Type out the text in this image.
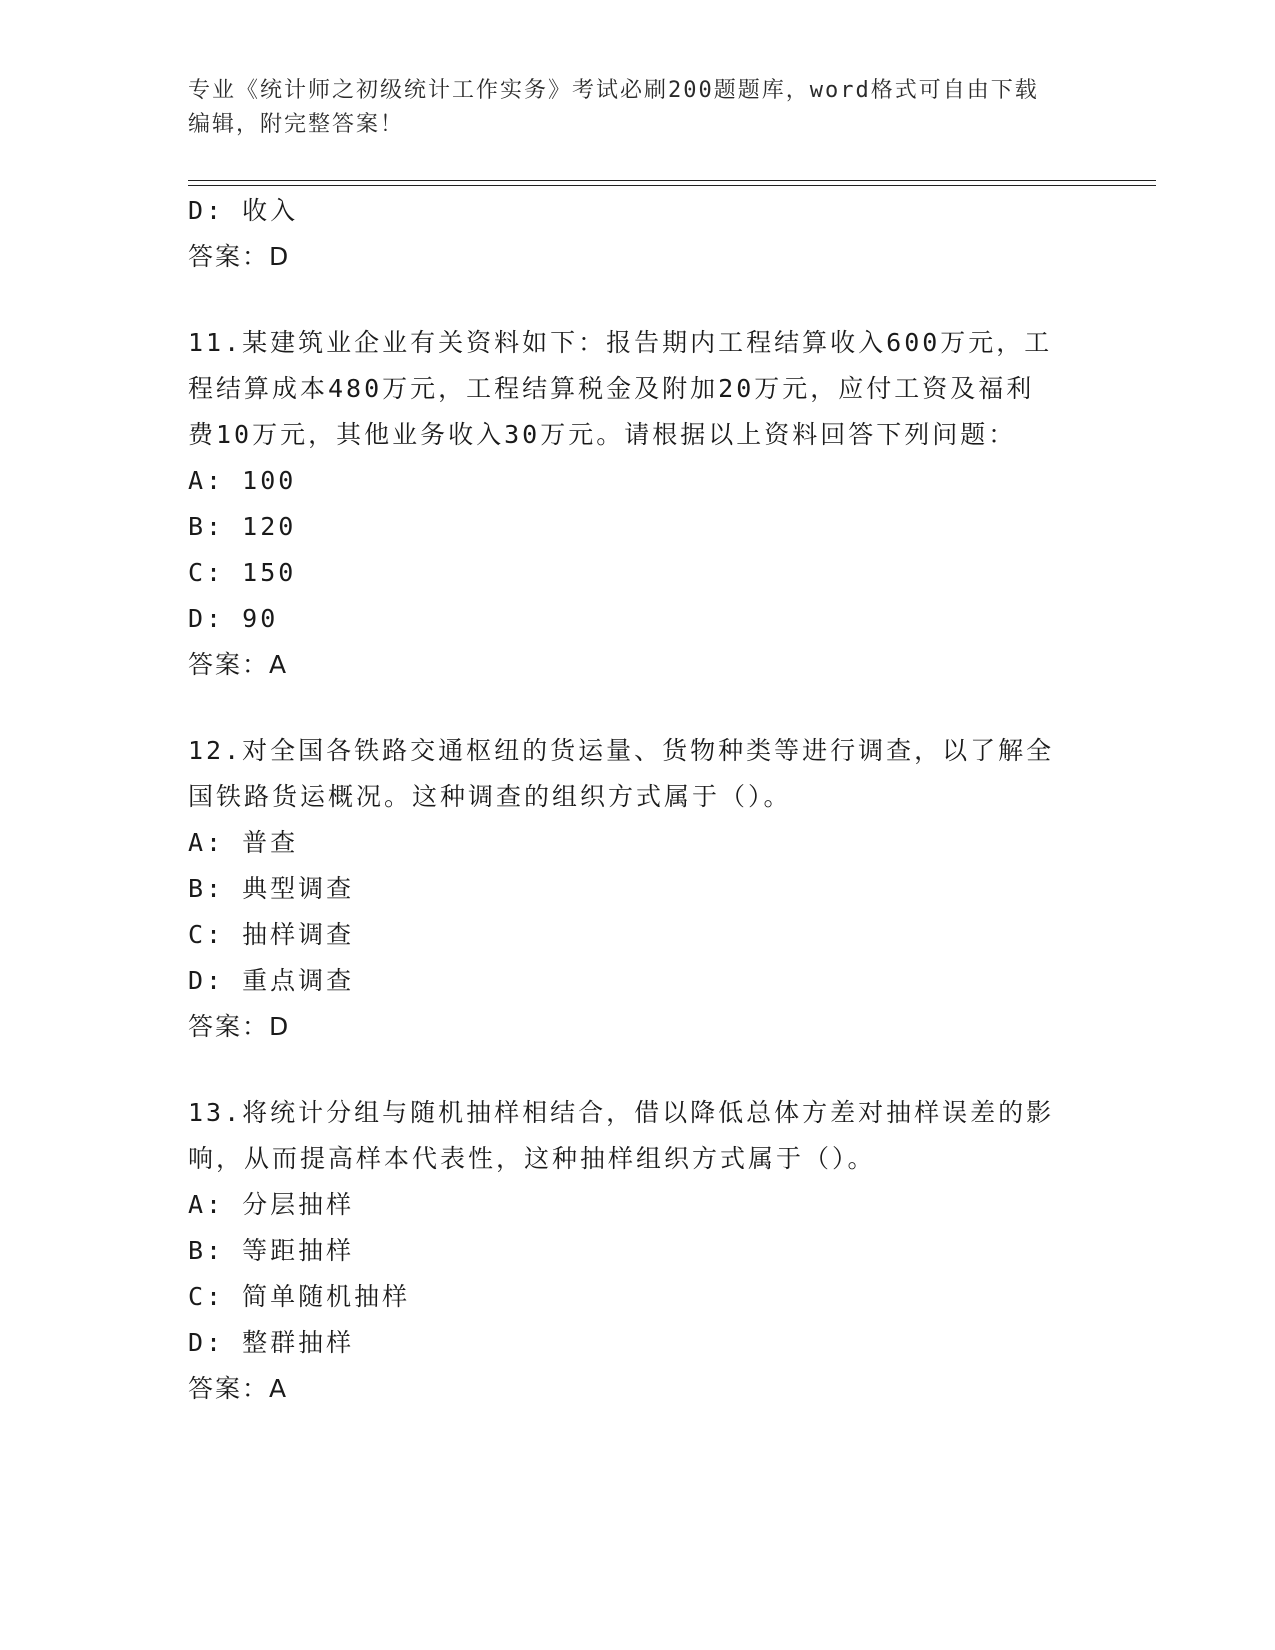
专业《统计师之初级统计工作实务》考试必刷200题题库，word格式可自由下载
编辑，附完整答案！
D: 收入
答案：D
11.某建筑业企业有关资料如下：报告期内工程结算收入600万元，工
程结算成本480万元，工程结算税金及附加20万元，应付工资及福利
费10万元，其他业务收入30万元。请根据以上资料回答下列问题：
A: 100
B: 120
C: 150
D: 90
答案：A
12.对全国各铁路交通枢纽的货运量、货物种类等进行调查，以了解全
国铁路货运概况。这种调查的组织方式属于（）。
A: 普查
B: 典型调查
C: 抽样调查
D: 重点调查
答案：D
13.将统计分组与随机抽样相结合，借以降低总体方差对抽样误差的影
响，从而提高样本代表性，这种抽样组织方式属于（）。
A: 分层抽样
B: 等距抽样
C: 简单随机抽样
D: 整群抽样
答案：A
